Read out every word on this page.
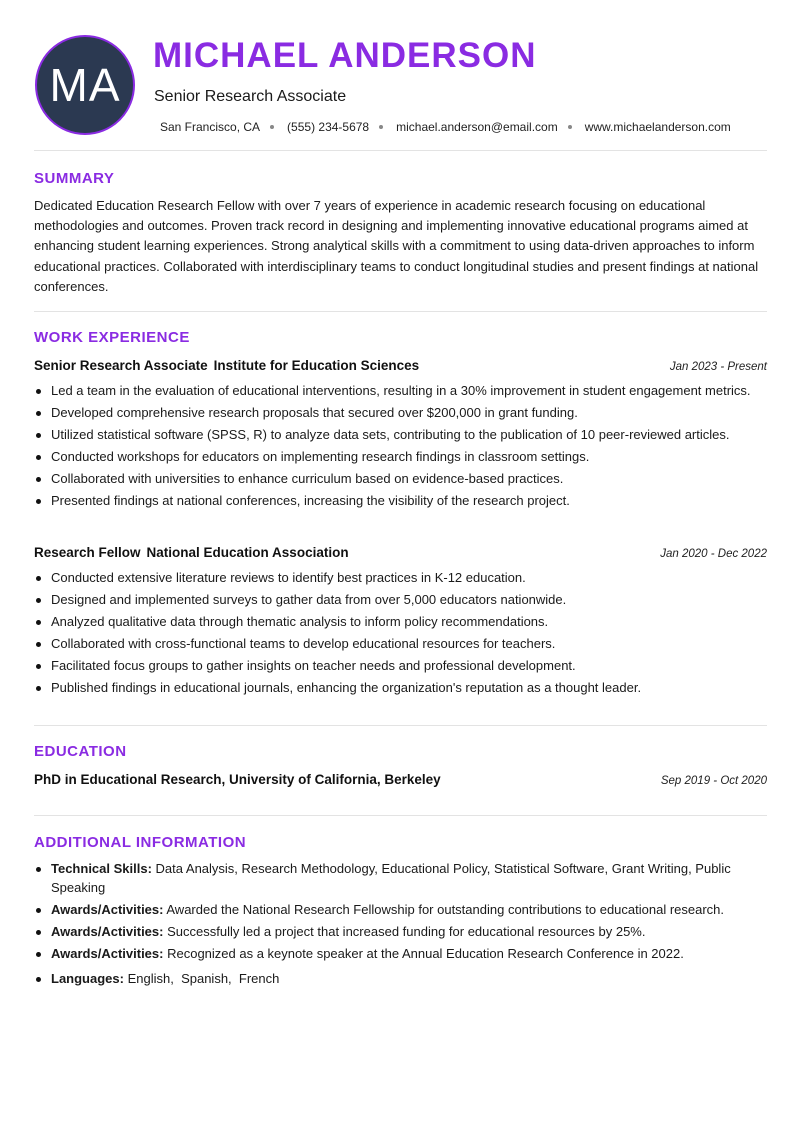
MA
MICHAEL ANDERSON
Senior Research Associate
San Francisco, CA (555) 234-5678 michael.anderson@email.com www.michaelanderson.com
SUMMARY

Dedicated Education Research Fellow with over 7 years of experience in academic research focusing on educational methodologies and outcomes. Proven track record in designing and implementing innovative educational programs aimed at enhancing student learning experiences. Strong analytical skills with a commitment to using data-driven approaches to inform educational practices. Collaborated with interdisciplinary teams to conduct longitudinal studies and present findings at national conferences.

WORK EXPERIENCE
Senior Research Associate Institute for Education Sciences	Jan 2023 - Present
Led a team in the evaluation of educational interventions, resulting in a 30% improvement in student engagement metrics.
Developed comprehensive research proposals that secured over $200,000 in grant funding.
Utilized statistical software (SPSS, R) to analyze data sets, contributing to the publication of 10 peer-reviewed articles.
Conducted workshops for educators on implementing research findings in classroom settings.
Collaborated with universities to enhance curriculum based on evidence-based practices.
Presented findings at national conferences, increasing the visibility of the research project.
Research Fellow National Education Association	Jan 2020 - Dec 2022
Conducted extensive literature reviews to identify best practices in K-12 education.
Designed and implemented surveys to gather data from over 5,000 educators nationwide.
Analyzed qualitative data through thematic analysis to inform policy recommendations.
Collaborated with cross-functional teams to develop educational resources for teachers.
Facilitated focus groups to gather insights on teacher needs and professional development.
Published findings in educational journals, enhancing the organization's reputation as a thought leader.
EDUCATION
PhD in Educational Research, University of California, Berkeley	Sep 2019 - Oct 2020
ADDITIONAL INFORMATION
Technical Skills: Data Analysis, Research Methodology, Educational Policy, Statistical Software, Grant Writing, Public Speaking
Awards/Activities: Awarded the National Research Fellowship for outstanding contributions to educational research.
Awards/Activities: Successfully led a project that increased funding for educational resources by 25%.
Awards/Activities: Recognized as a keynote speaker at the Annual Education Research Conference in 2022.
Languages: English,  Spanish,  French
